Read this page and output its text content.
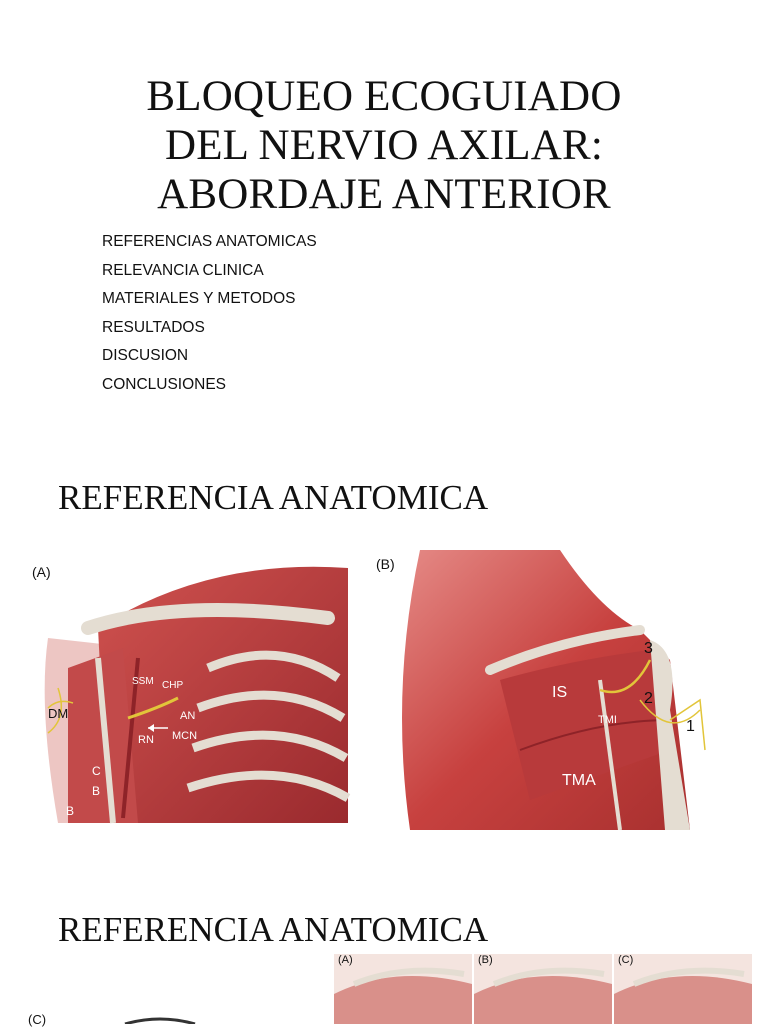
BLOQUEO ECOGUIADO
DEL NERVIO AXILAR:
ABORDAJE ANTERIOR
REFERENCIAS ANATOMICAS
RELEVANCIA CLINICA
MATERIALES Y METODOS
RESULTADOS
DISCUSION
CONCLUSIONES
REFERENCIA ANATOMICA
(A)
SSM CHP
DM	AN
RN MCN
C
B
B
(B)
IS
TMI
TMA
1
2
3
REFERENCIA ANATOMICA
(A)	(B)	(C)
(C)
